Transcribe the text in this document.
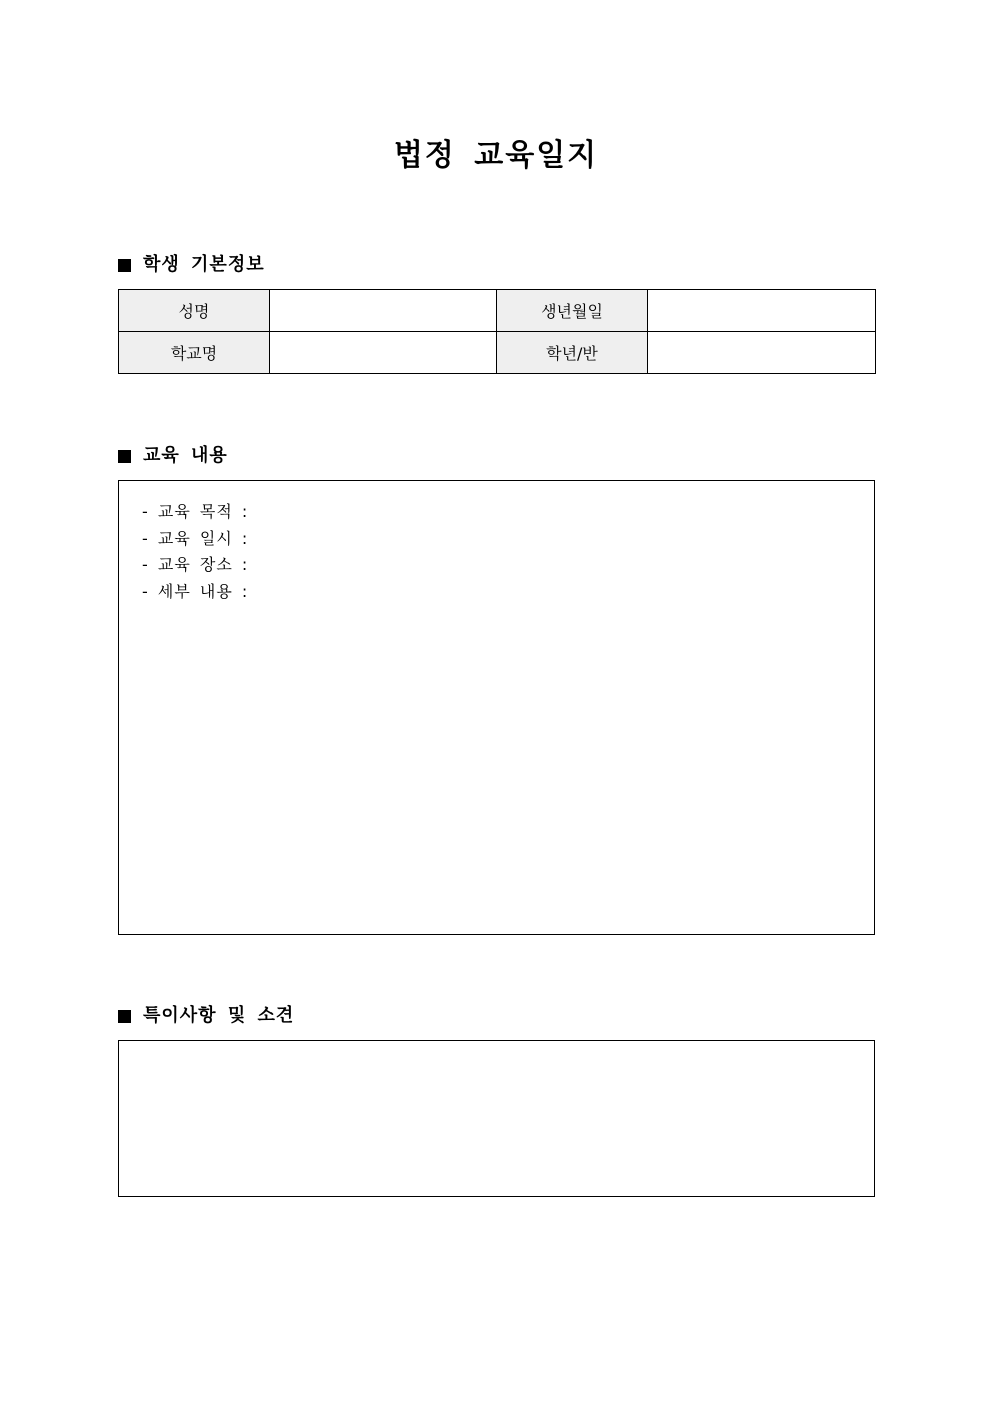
법정 교육일지
학생 기본정보
성명		생년월일	
학교명		학년/반	
교육 내용
- 교육 목적 :
- 교육 일시 :
- 교육 장소 :
- 세부 내용 :
특이사항 및 소견
